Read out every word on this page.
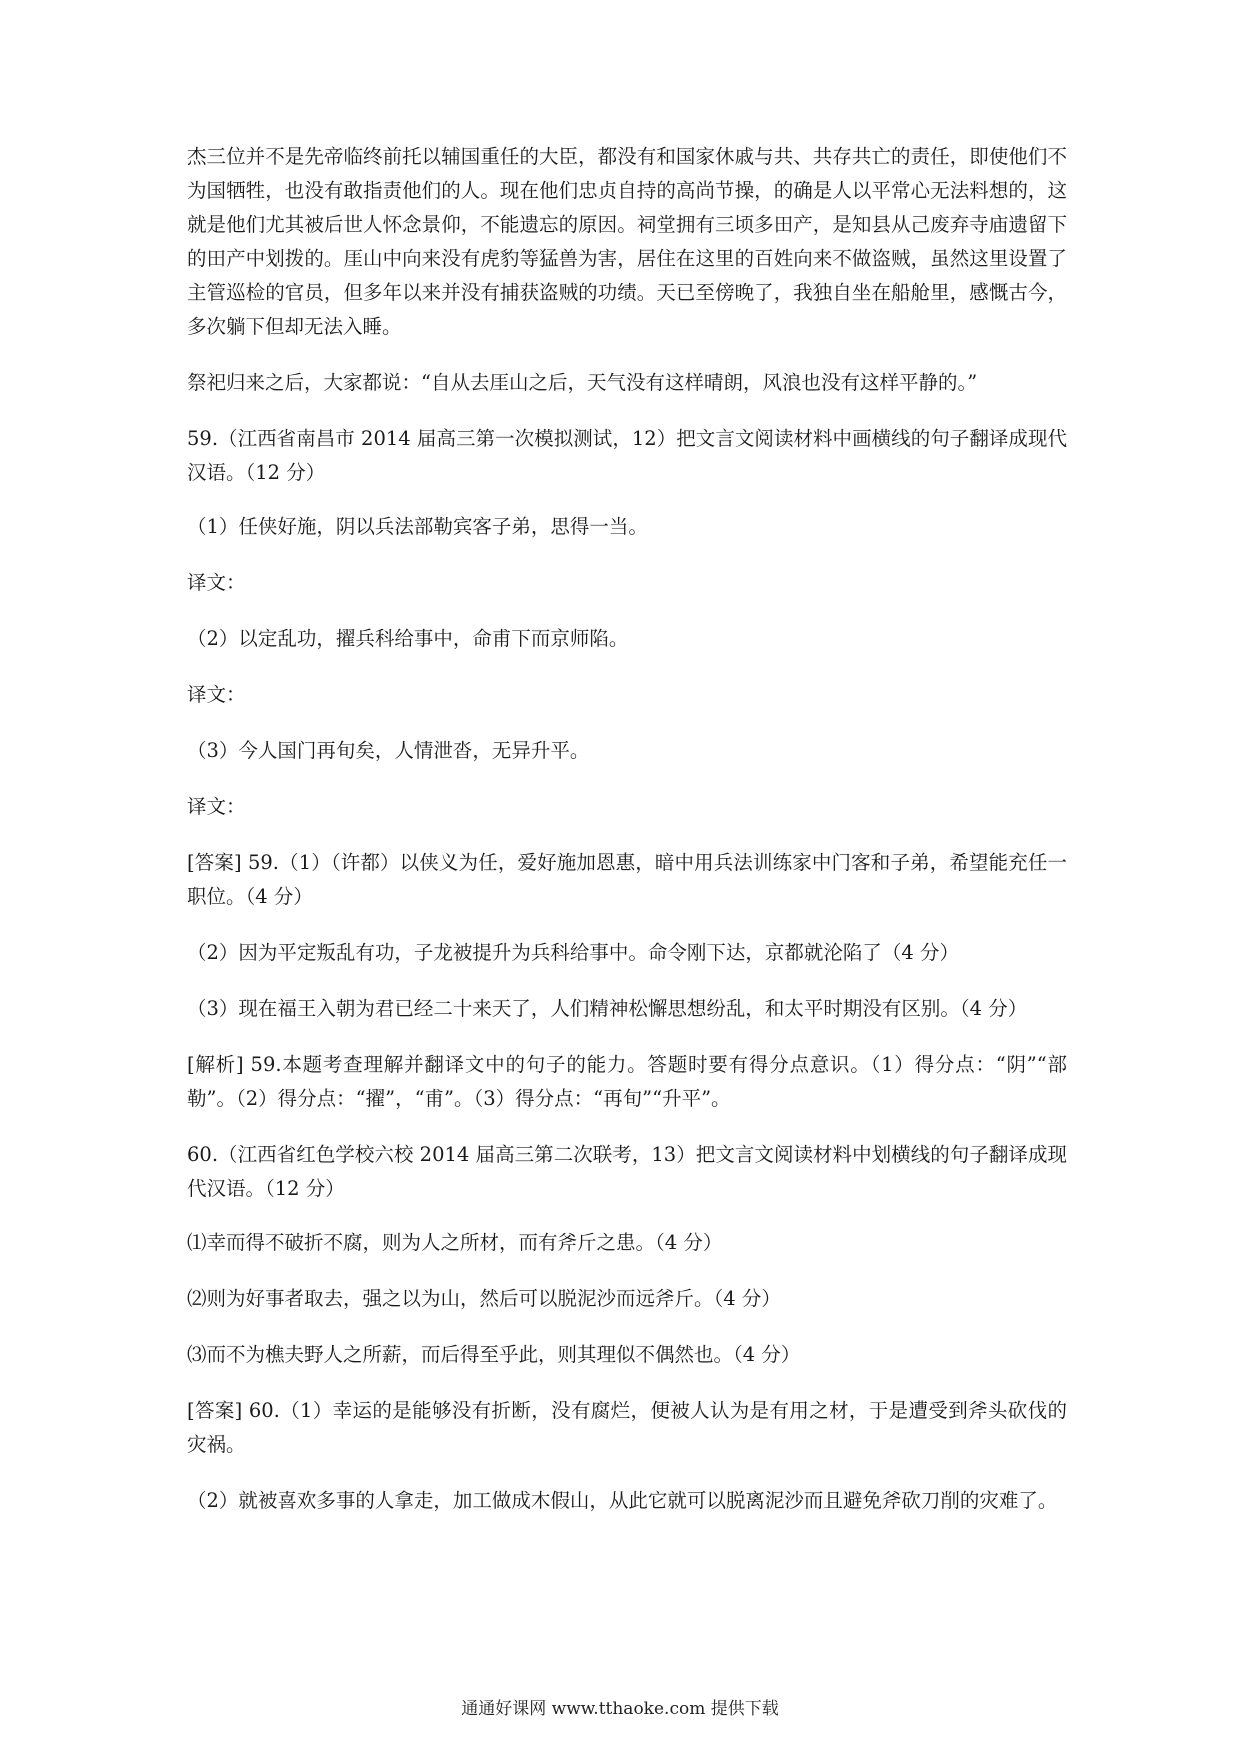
杰三位并不是先帝临终前托以辅国重任的大臣，都没有和国家休戚与共、共存共亡的责任，即使他们不为国牺牲，也没有敢指责他们的人。现在他们忠贞自持的高尚节操，的确是人以平常心无法料想的，这就是他们尤其被后世人怀念景仰，不能遗忘的原因。祠堂拥有三顷多田产，是知县从己废弃寺庙遗留下的田产中划拨的。厓山中向来没有虎豹等猛兽为害，居住在这里的百姓向来不做盗贼，虽然这里设置了主管巡检的官员，但多年以来并没有捕获盗贼的功绩。天已至傍晚了，我独自坐在船舱里，感慨古今，多次躺下但却无法入睡。

祭祀归来之后，大家都说：“自从去厓山之后，天气没有这样晴朗，风浪也没有这样平静的。”

59.（江西省南昌市 2014 届高三第一次模拟测试，12）把文言文阅读材料中画横线的句子翻译成现代汉语。（12 分）

（1）任侠好施，阴以兵法部勒宾客子弟，思得一当。

译文：

（2）以定乱功，擢兵科给事中，命甫下而京师陷。

译文：

（3）今人国门再旬矣，人情泄沓，无异升平。

译文：

[答案] 59.（1）（许都）以侠义为任，爱好施加恩惠，暗中用兵法训练家中门客和子弟，希望能充任一职位。（4 分）

（2）因为平定叛乱有功，子龙被提升为兵科给事中。命令刚下达，京都就沦陷了（4 分）

（3）现在福王入朝为君已经二十来天了，人们精神松懈思想纷乱，和太平时期没有区别。（4 分）

[解析] 59.本题考查理解并翻译文中的句子的能力。答题时要有得分点意识。（1）得分点：“阴”“部勒”。（2）得分点：“擢”，“甫”。（3）得分点：“再旬”“升平”。

60.（江西省红色学校六校 2014 届高三第二次联考，13）把文言文阅读材料中划横线的句子翻译成现代汉语。（12 分）

⑴幸而得不破折不腐，则为人之所材，而有斧斤之患。（4 分）

⑵则为好事者取去，强之以为山，然后可以脱泥沙而远斧斤。（4 分）

⑶而不为樵夫野人之所薪，而后得至乎此，则其理似不偶然也。（4 分）

[答案] 60.（1）幸运的是能够没有折断，没有腐烂，便被人认为是有用之材，于是遭受到斧头砍伐的灾祸。

（2）就被喜欢多事的人拿走，加工做成木假山，从此它就可以脱离泥沙而且避免斧砍刀削的灾难了。

通通好课网 www.tthaoke.com 提供下载
